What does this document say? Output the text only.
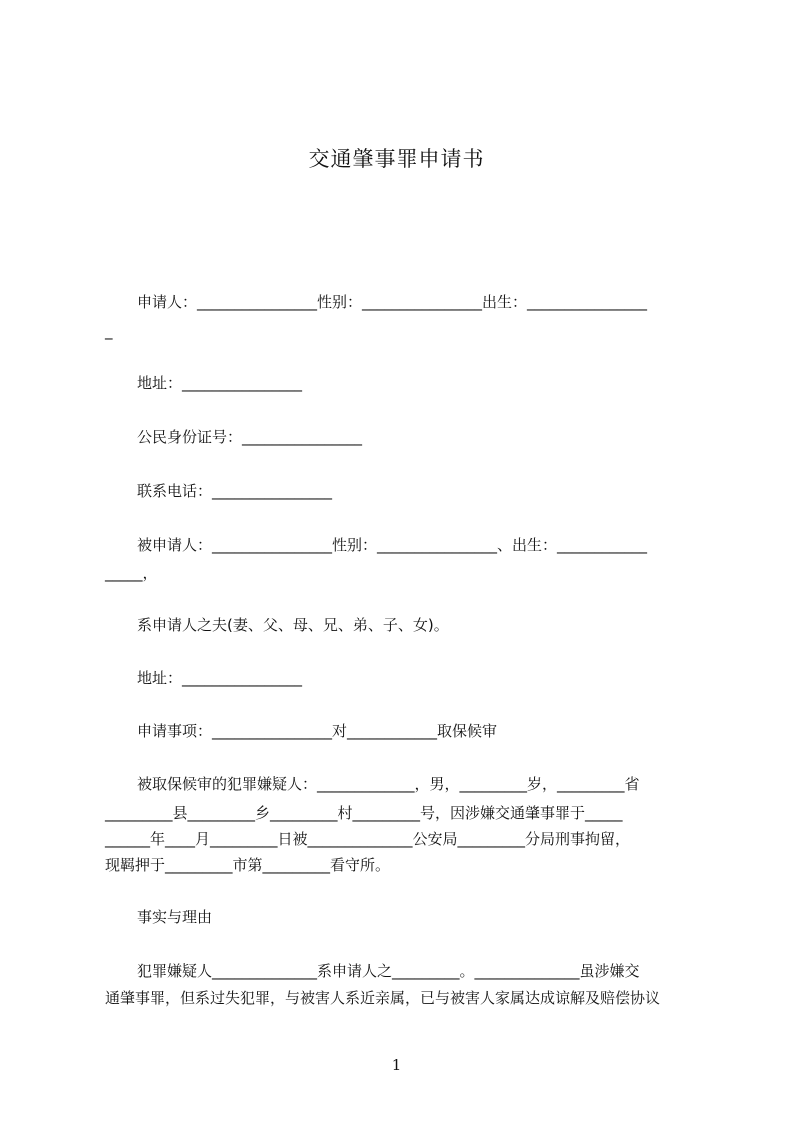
交通肇事罪申请书
申请人：________________性别：________________出生：________________
_
地址：________________
公民身份证号：________________
联系电话：________________
被申请人：________________性别：________________、出生：____________
_____，
系申请人之夫(妻、父、母、兄、弟、子、女)。
地址：________________
申请事项：________________对____________取保候审
被取保候审的犯罪嫌疑人：_____________，男，_________岁，_________省
_________县_________乡_________村_________号，因涉嫌交通肇事罪于_____
______年____月_________日被______________公安局_________分局刑事拘留，
现羁押于_________市第_________看守所。
事实与理由
犯罪嫌疑人______________系申请人之_________。______________虽涉嫌交
通肇事罪，但系过失犯罪，与被害人系近亲属，已与被害人家属达成谅解及赔偿协议
1
